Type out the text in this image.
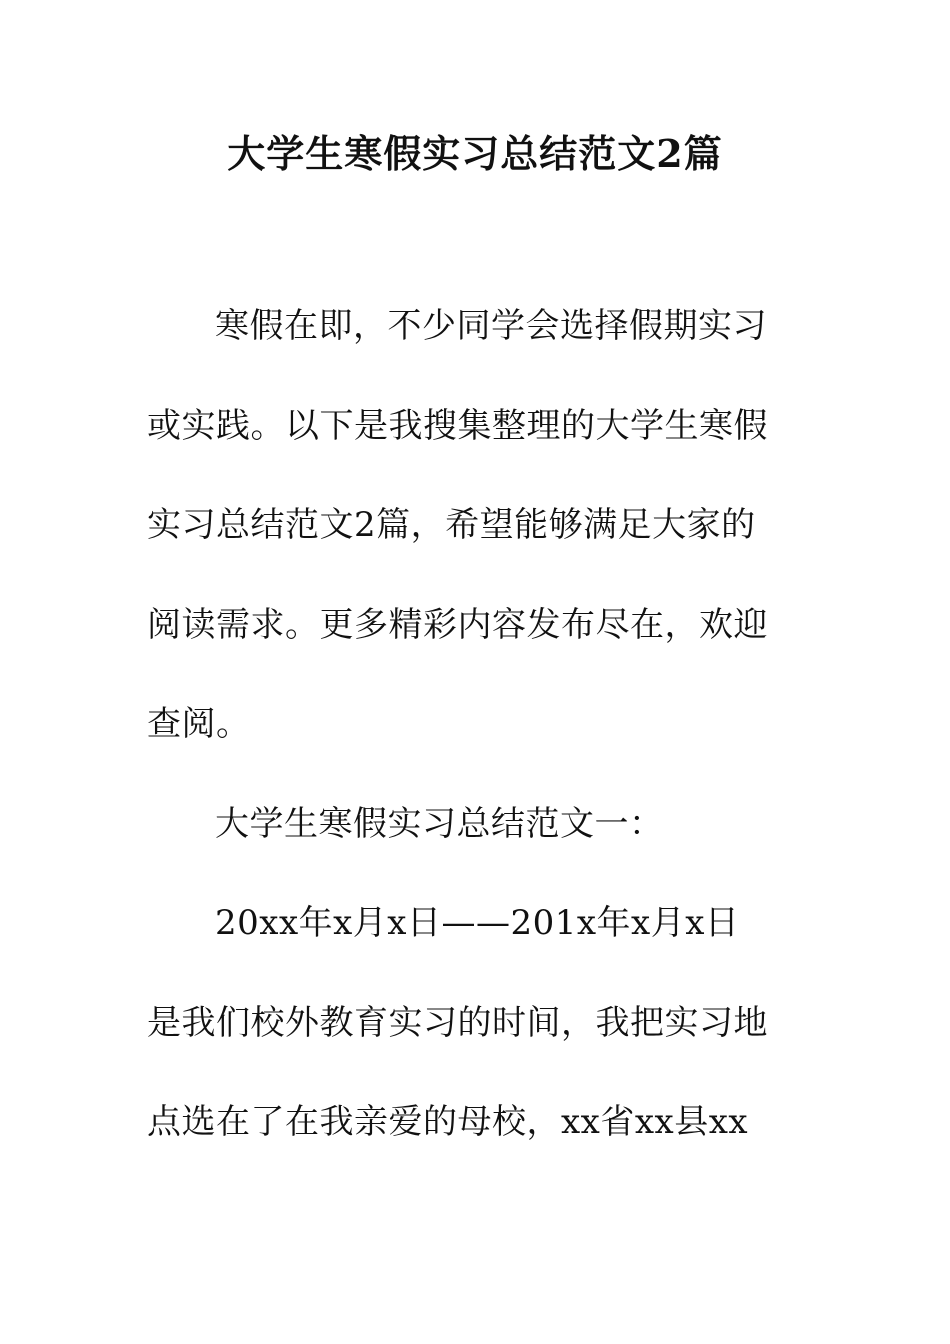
大学生寒假实习总结范文2篇
寒假在即，不少同学会选择假期实习
或实践。以下是我搜集整理的大学生寒假
实习总结范文2篇，希望能够满足大家的
阅读需求。更多精彩内容发布尽在，欢迎
查阅。
大学生寒假实习总结范文一：
20xx年x月x日——201x年x月x日
是我们校外教育实习的时间，我把实习地
点选在了在我亲爱的母校，xx省xx县xx
